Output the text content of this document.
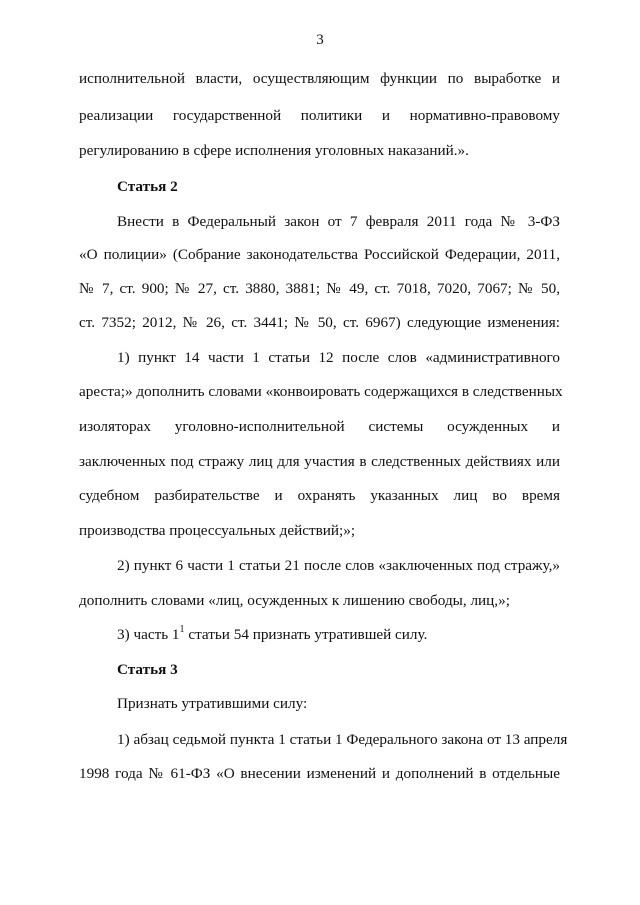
3
исполнительной власти, осуществляющим функции по выработке и
реализации государственной политики и нормативно-правовому
регулированию в сфере исполнения уголовных наказаний.».
Статья 2
Внести в Федеральный закон от 7 февраля 2011 года № 3-ФЗ
«О полиции» (Собрание законодательства Российской Федерации, 2011,
№ 7, ст. 900; № 27, ст. 3880, 3881; № 49, ст. 7018, 7020, 7067; № 50,
ст. 7352; 2012, № 26, ст. 3441; № 50, ст. 6967) следующие изменения:
1) пункт 14 части 1 статьи 12 после слов «административного
ареста;» дополнить словами «конвоировать содержащихся в следственных
изоляторах уголовно-исполнительной системы осужденных и
заключенных под стражу лиц для участия в следственных действиях или
судебном разбирательстве и охранять указанных лиц во время
производства процессуальных действий;»;
2) пункт 6 части 1 статьи 21 после слов «заключенных под стражу,»
дополнить словами «лиц, осужденных к лишению свободы, лиц,»;
3) часть $1^1$ статьи 54 признать утратившей силу.
Статья 3
Признать утратившими силу:
1) абзац седьмой пункта 1 статьи 1 Федерального закона от 13 апреля
1998 года № 61-ФЗ «О внесении изменений и дополнений в отдельные
